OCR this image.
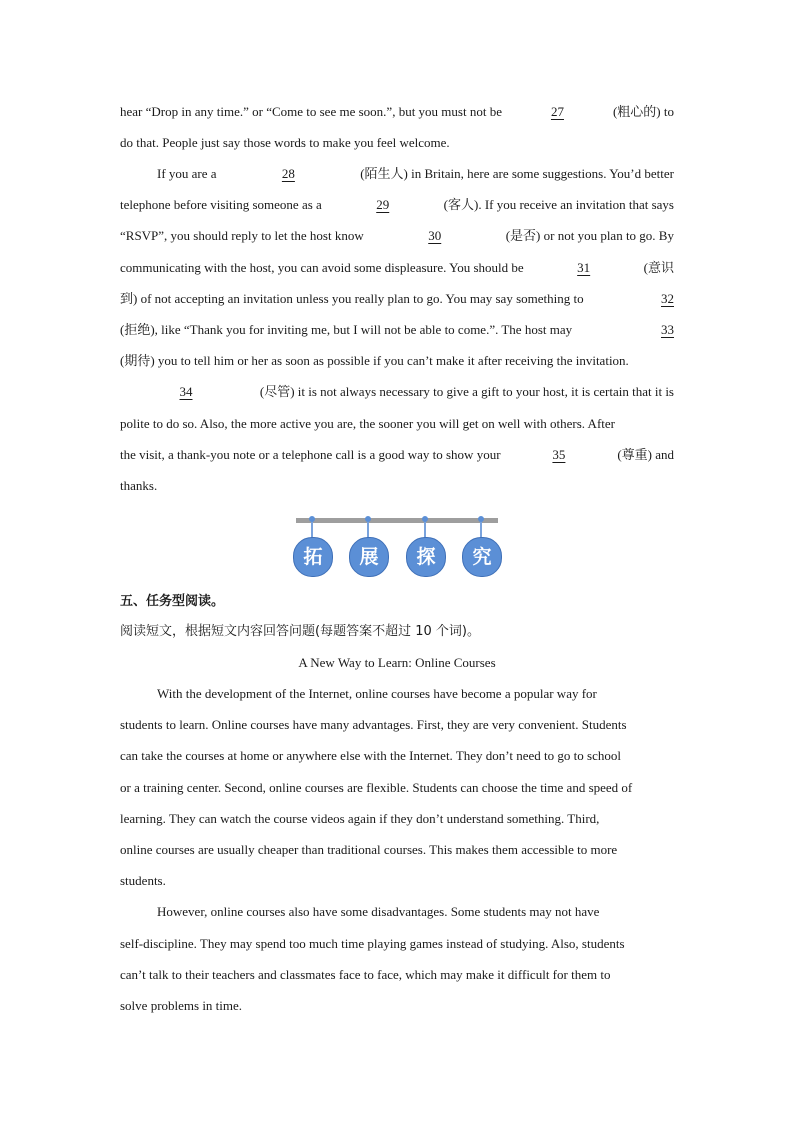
hear “Drop in any time.” or “Come to see me soon.”, but you must not be	27	(粗心的) to
do that. People just say those words to make you feel welcome.
If you are a	28	(陌生人) in Britain, here are some suggestions. You’d better
telephone before visiting someone as a	29	(客人). If you receive an invitation that says
“RSVP”, you should reply to let the host know	30	(是否) or not you plan to go. By
communicating with the host, you can avoid some displeasure. You should be	31	(意识
到) of not accepting an invitation unless you really plan to go. You may say something to	32
(拒绝), like “Thank you for inviting me, but I will not be able to come.”. The host may	33
(期待) you to tell him or her as soon as possible if you can’t make it after receiving the invitation.
34	(尽管) it is not always necessary to give a gift to your host, it is certain that it is
polite to do so. Also, the more active you are, the sooner you will get on well with others. After
the visit, a thank-you note or a telephone call is a good way to show your	35	(尊重) and
thanks.
拓	展	探	究
五、任务型阅读。
阅读短文，根据短文内容回答问题(每题答案不超过 10 个词)。
A New Way to Learn: Online Courses
With the development of the Internet, online courses have become a popular way for
students to learn. Online courses have many advantages. First, they are very convenient. Students
can take the courses at home or anywhere else with the Internet. They don’t need to go to school
or a training center. Second, online courses are flexible. Students can choose the time and speed of
learning. They can watch the course videos again if they don’t understand something. Third,
online courses are usually cheaper than traditional courses. This makes them accessible to more
students.
However, online courses also have some disadvantages. Some students may not have
self-discipline. They may spend too much time playing games instead of studying. Also, students
can’t talk to their teachers and classmates face to face, which may make it difficult for them to
solve problems in time.
